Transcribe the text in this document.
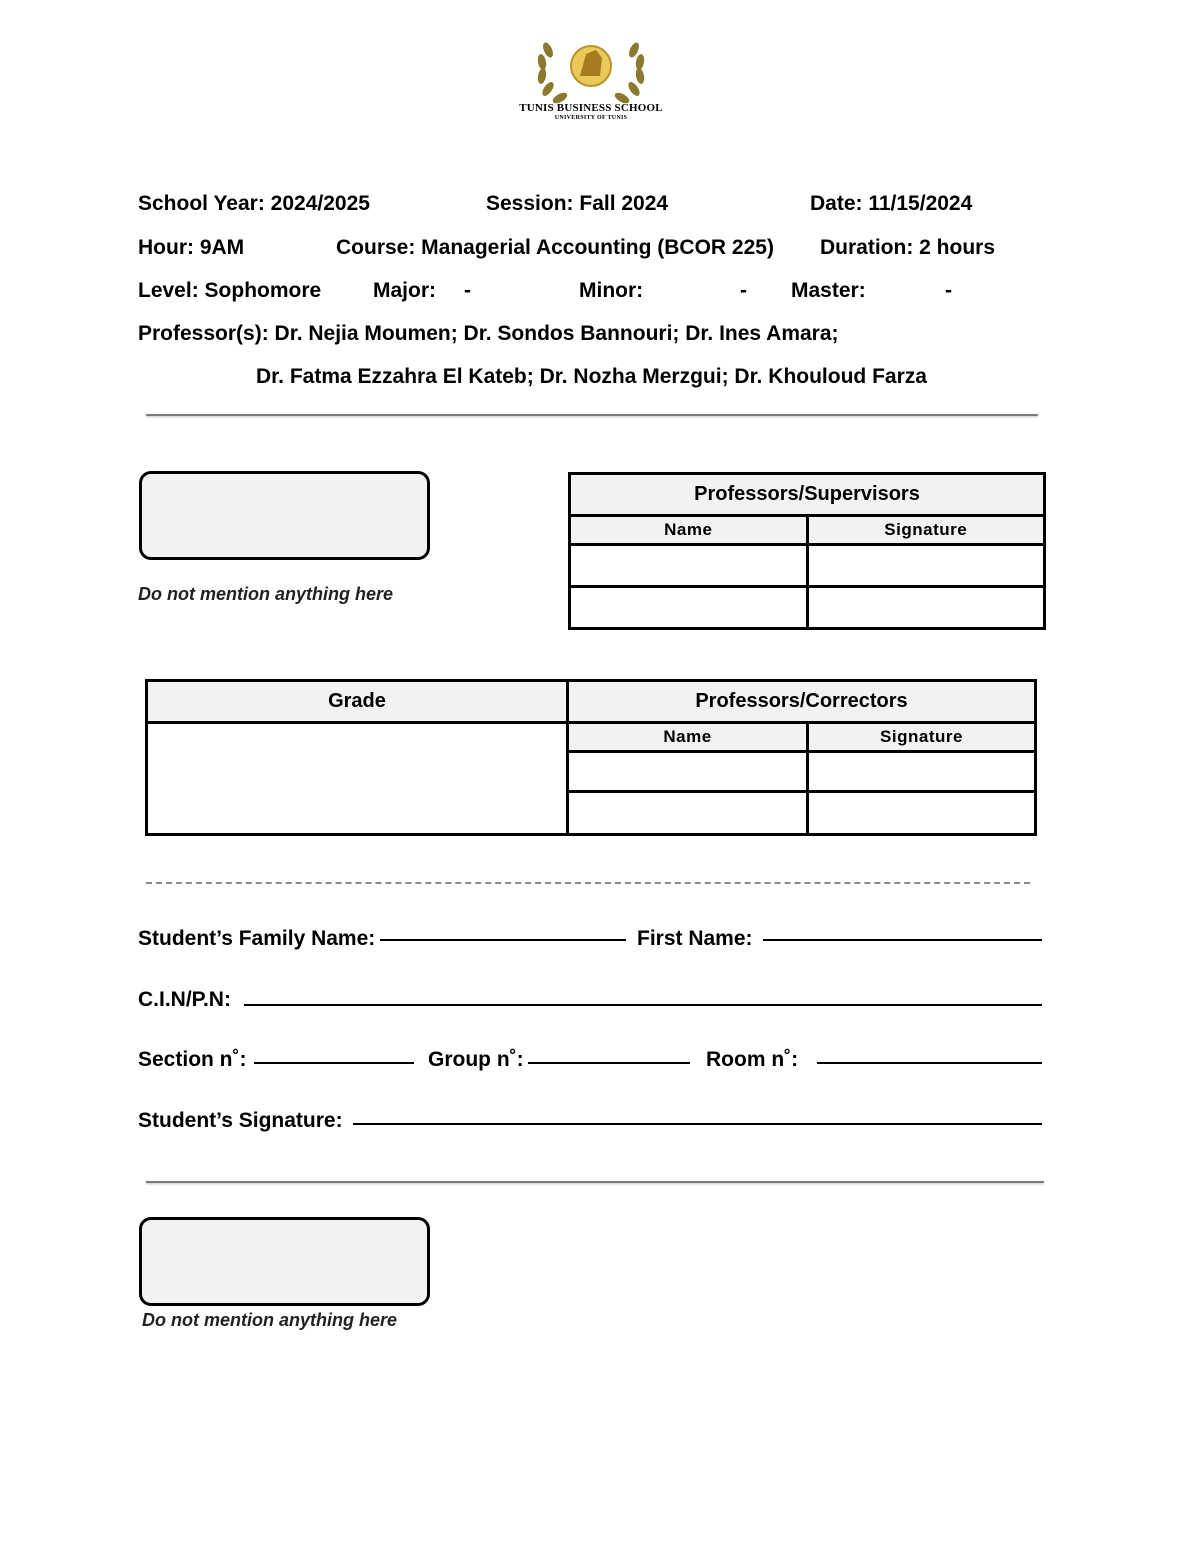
TUNIS BUSINESS SCHOOL
UNIVERSITY OF TUNIS
School Year: 2024/2025	Session: Fall 2024	Date: 11/15/2024
Hour: 9AM	Course: Managerial Accounting (BCOR 225) Duration: 2 hours
Level: Sophomore Major: -	Minor:	- Master:	-
Professor(s): Dr. Nejia Moumen; Dr. Sondos Bannouri; Dr. Ines Amara;
Dr. Fatma Ezzahra El Kateb; Dr. Nozha Merzgui; Dr. Khouloud Farza
Do not mention anything here
Professors/Supervisors	
Name	Signature

Grade	Professors/Correctors	
	Name	Signature

Student’s Family Name:	First Name:
C.I.N/P.N:
Section n˚:	Group n˚:	Room n˚:
Student’s Signature:
Do not mention anything here
